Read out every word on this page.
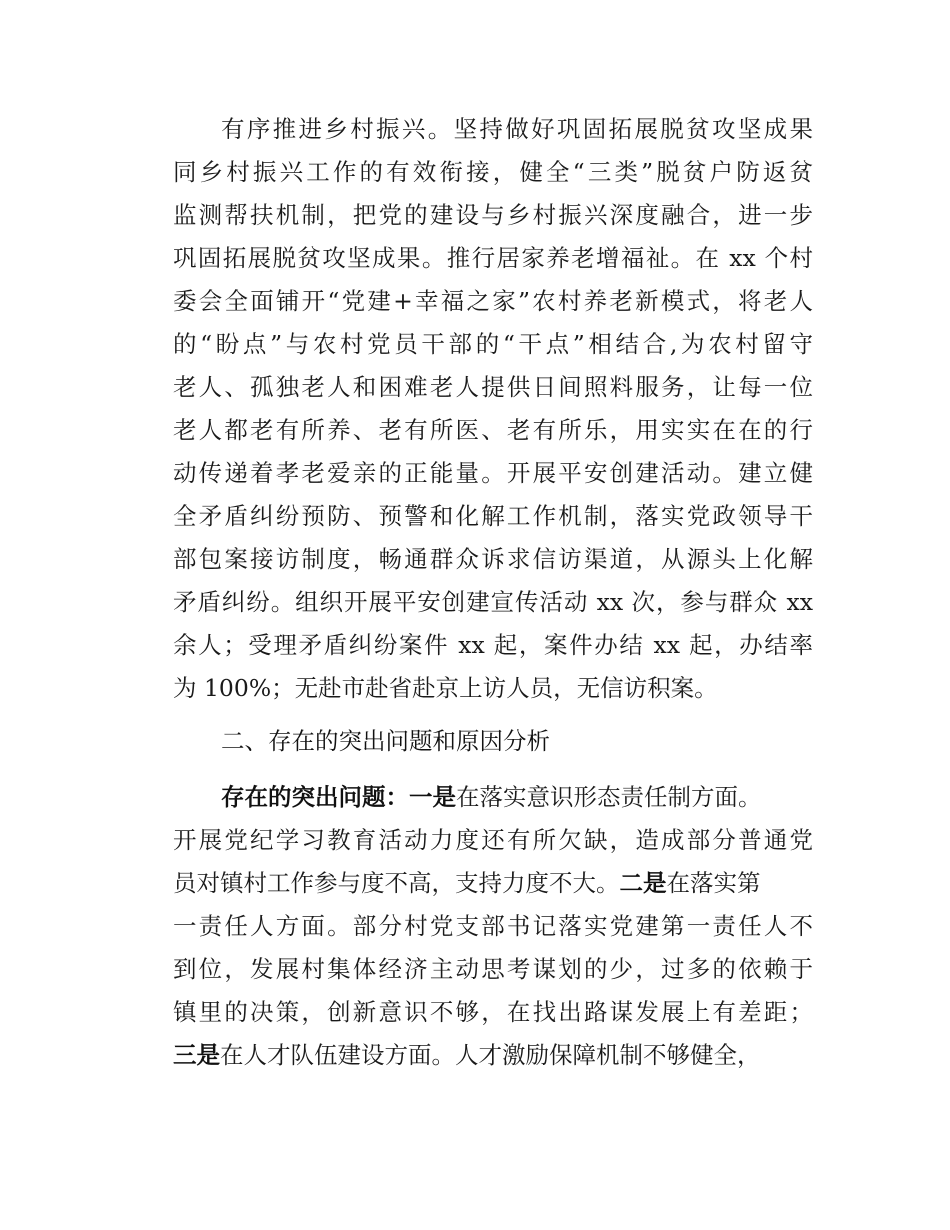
有序推进乡村振兴。坚持做好巩固拓展脱贫攻坚成果
同乡村振兴工作的有效衔接，健全“三类”脱贫户防返贫
监测帮扶机制，把党的建设与乡村振兴深度融合，进一步
巩固拓展脱贫攻坚成果。推行居家养老增福祉。在 xx 个村
委会全面铺开“党建+幸福之家”农村养老新模式，将老人
的“盼点”与农村党员干部的“干点”相结合,为农村留守
老人、孤独老人和困难老人提供日间照料服务，让每一位
老人都老有所养、老有所医、老有所乐，用实实在在的行
动传递着孝老爱亲的正能量。开展平安创建活动。建立健
全矛盾纠纷预防、预警和化解工作机制，落实党政领导干
部包案接访制度，畅通群众诉求信访渠道，从源头上化解
矛盾纠纷。组织开展平安创建宣传活动 xx 次，参与群众 xx
余人；受理矛盾纠纷案件 xx 起，案件办结 xx 起，办结率
为 100%；无赴市赴省赴京上访人员，无信访积案。
二、存在的突出问题和原因分析
存在的突出问题：一是在落实意识形态责任制方面。
开展党纪学习教育活动力度还有所欠缺，造成部分普通党
员对镇村工作参与度不高，支持力度不大。二是在落实第
一责任人方面。部分村党支部书记落实党建第一责任人不
到位，发展村集体经济主动思考谋划的少，过多的依赖于
镇里的决策，创新意识不够，在找出路谋发展上有差距；
三是在人才队伍建设方面。人才激励保障机制不够健全，
